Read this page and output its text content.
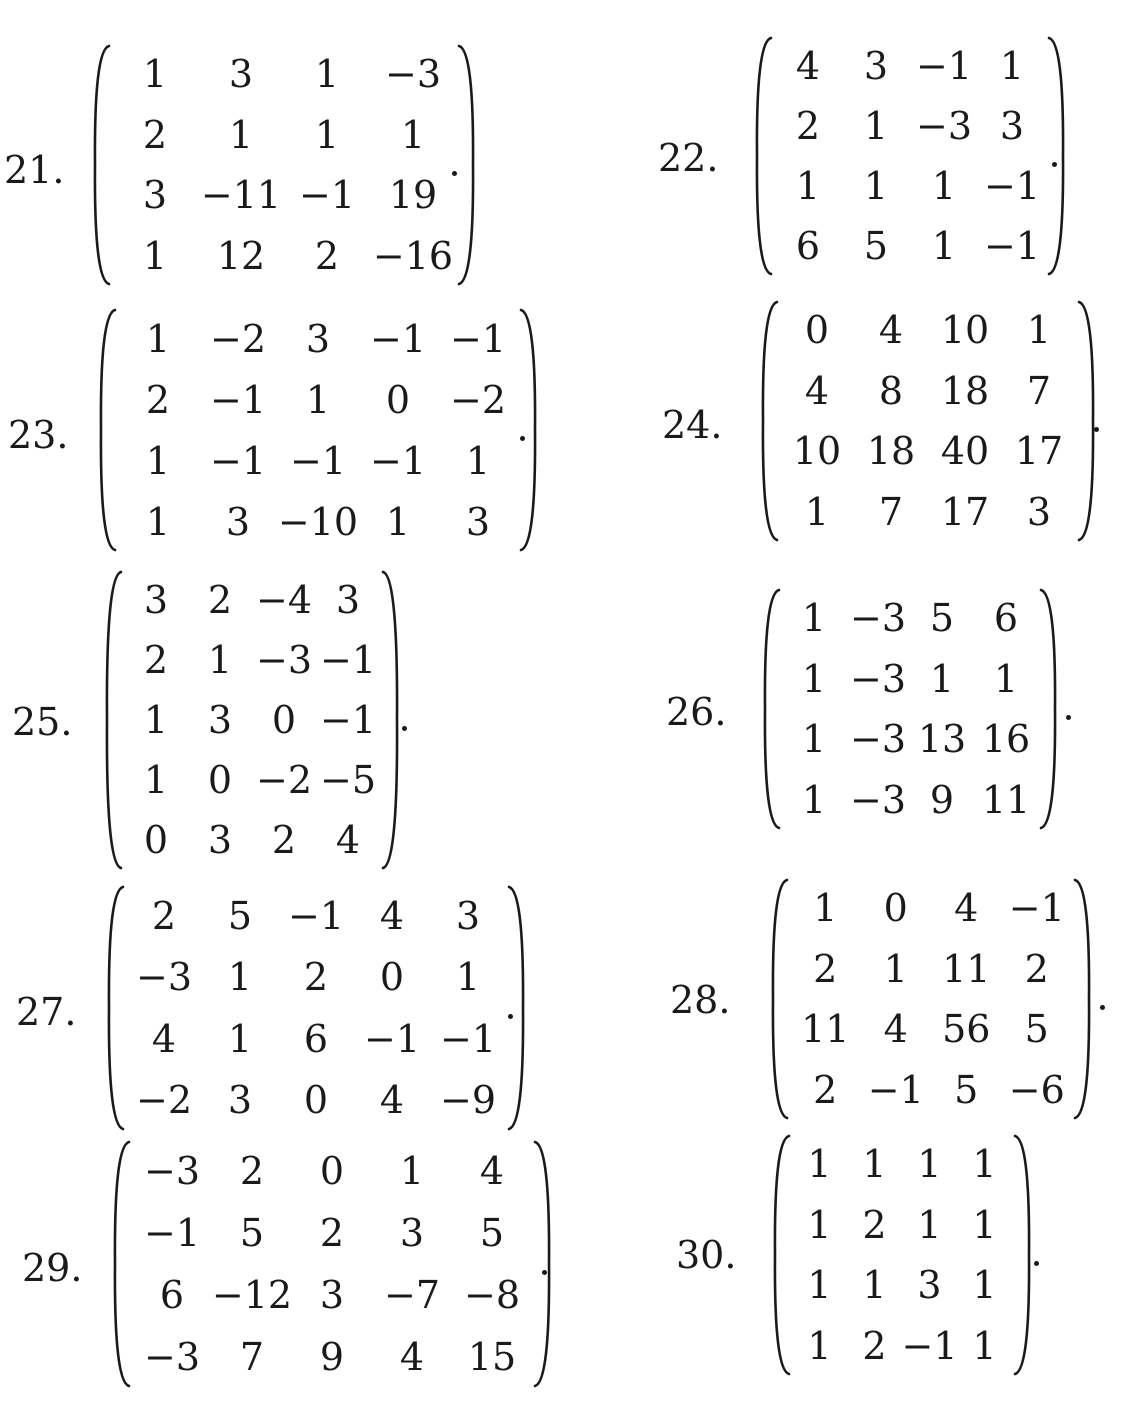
21.
1	3	1	−3
2	1	1	1
3 −11 −1 19
1	12	2 −16
22.
4	3 −1 1
2	1 −3 3
1	1	1 −1
6	5	1 −1
23.
1	−2	3	−1 −1
2	−1	1	0	−2
1	−1 −1 −1	1
1	3 −10 1	3
24.
0	4 10 1
4	8 18 7
10 18 40 17
1	7 17 3
25.
3	2 −4 3
2	1 −3 −1
1	3	0 −1
1	0 −2 −5
0	3	2	4
26.
1 −3 5	6
1 −3 1	1
1 −3 13 16
1 −3 9 11
27.
2	5 −1 4	3
−3 1	2	0	1
4	1	6 −1 −1
−2 3	0	4 −9
28.
1	0	4 −1
2	1 11 2
11 4 56 5
2 −1 5 −6
29.
−3	2	0	1	4
−1	5	2	3	5
6 −12 3	−7 −8
−3	7	9	4	15
30.
1 1 1 1
1 2 1 1
1 1 3 1
1 2 −1 1
